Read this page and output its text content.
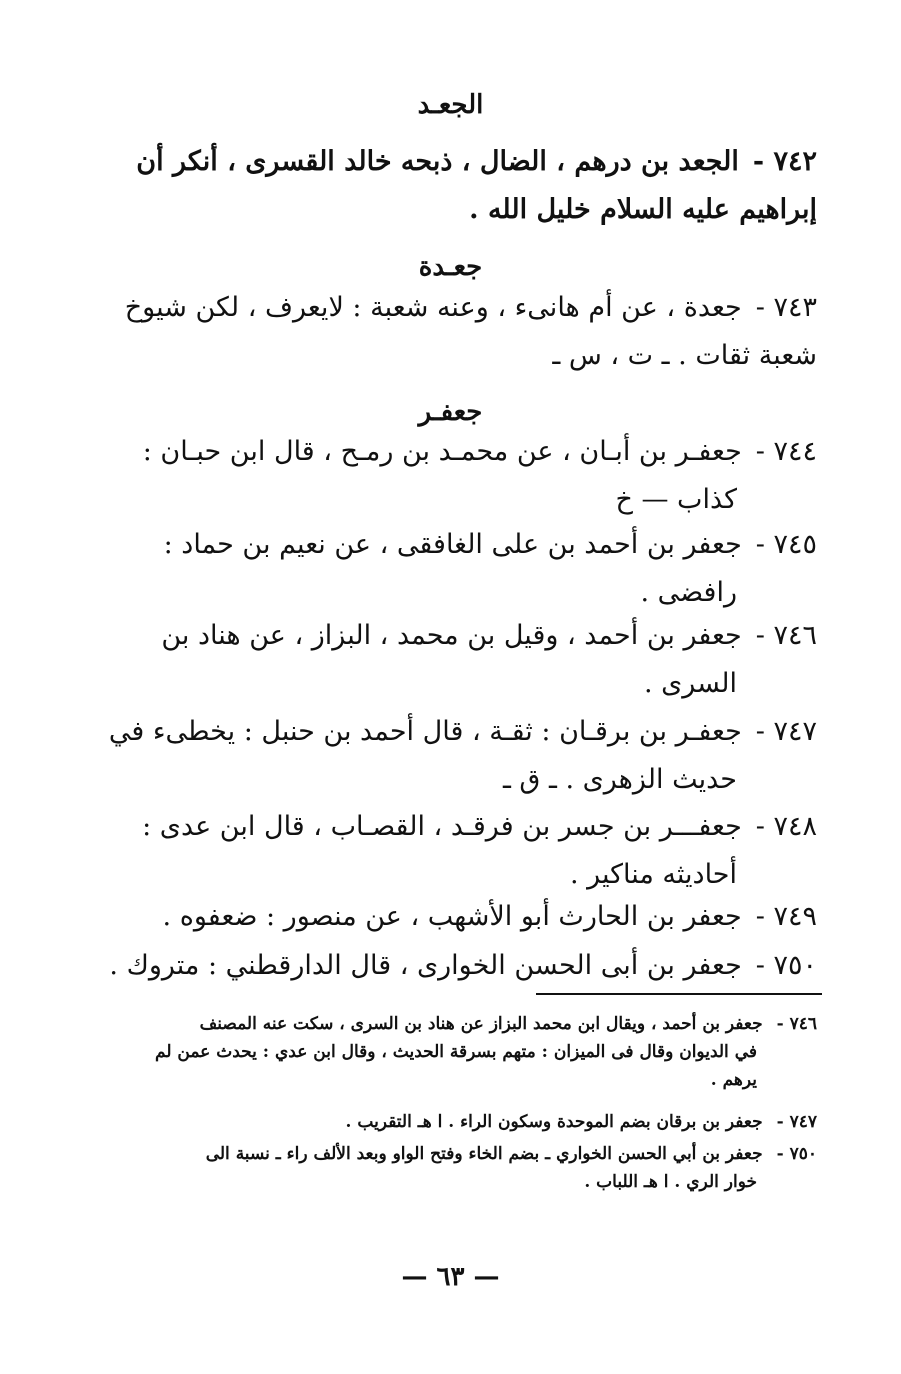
الجعـد
٧٤٢ -الجعد بن درهم ، الضال ، ذبحه خالد القسرى ، أنكر أن
إبراهيم عليه السلام خليل الله .
جعـدة
٧٤٣ -جعدة ، عن أم هانىء ، وعنه شعبة : لايعرف ، لكن شيوخ
شعبة ثقات . ـ ت ، س ـ
جعفـر
٧٤٤ -جعفـر بن أبـان ، عن محمـد بن رمـح ، قال ابن حبـان :
كذاب — خ
٧٤٥ -جعفر بن أحمد بن على الغافقى ، عن نعيم بن حماد :
رافضى .
٧٤٦ -جعفر بن أحمد ، وقيل بن محمد ، البزاز ، عن هناد بن
السرى .
٧٤٧ -جعفـر بن برقـان : ثقـة ، قال أحمد بن حنبل : يخطىء في
حديث الزهرى . ـ ق ـ
٧٤٨ -جعفـــر بن جسر بن فرقـد ، القصـاب ، قال ابن عدى :
أحاديثه مناكير .
٧٤٩ -جعفر بن الحارث أبو الأشهب ، عن منصور : ضعفوه .
٧٥٠ -جعفر بن أبى الحسن الخوارى ، قال الدارقطني : متروك .
٧٤٦ -جعفر بن أحمد ، ويقال ابن محمد البزاز عن هناد بن السرى ، سكت عنه المصنف
في الديوان وقال فى الميزان : متهم بسرقة الحديث ، وقال ابن عدي : يحدث عمن لم
يرهم .
٧٤٧ -جعفر بن برقان بضم الموحدة وسكون الراء . ا هـ التقريب .
٧٥٠ -جعفر بن أبي الحسن الخواري ـ بضم الخاء وفتح الواو وبعد الألف راء ـ نسبة الى
خوار الري . ا هـ اللباب .
— ٦٣ —
